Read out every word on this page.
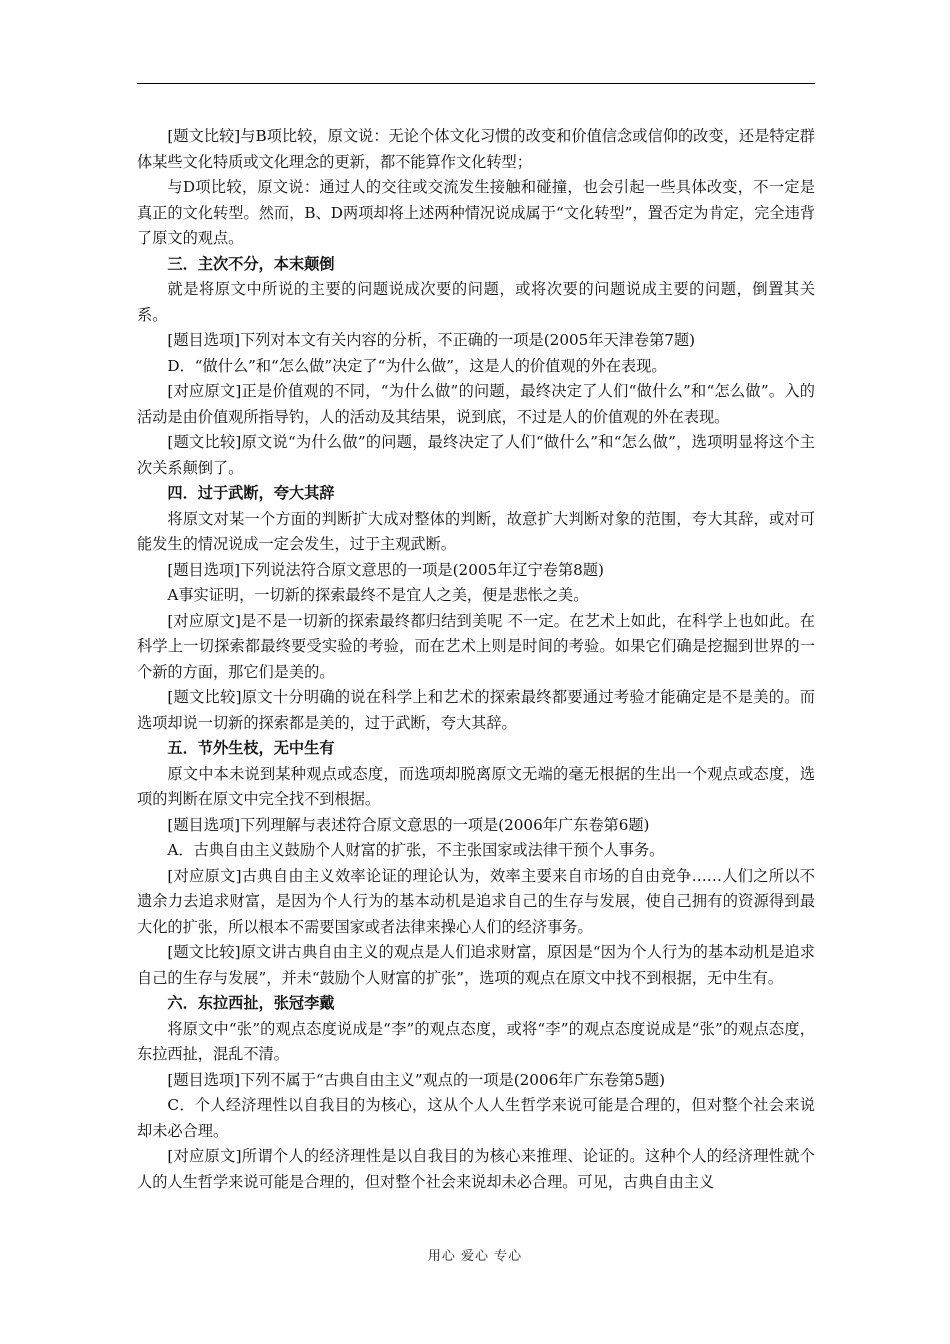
[题文比较]与B项比较，原文说：无论个体文化习惯的改变和价值信念或信仰的改变，还是特定群体某些文化特质或文化理念的更新，都不能算作文化转型；

与D项比较，原文说：通过人的交往或交流发生接触和碰撞，也会引起一些具体改变，不一定是真正的文化转型。然而，B、D两项却将上述两种情况说成属于“文化转型”，置否定为肯定，完全违背了原文的观点。

三．主次不分，本末颠倒

就是将原文中所说的主要的问题说成次要的问题，或将次要的问题说成主要的问题，倒置其关系。

[题目选项]下列对本文有关内容的分析，不正确的一项是(2005年天津卷第7题)

D．“做什么”和“怎么做”决定了“为什么做”，这是人的价值观的外在表现。

[对应原文]正是价值观的不同，“为什么做”的问题，最终决定了人们“做什么”和“怎么做”。入的活动是由价值观所指导钓，人的活动及其结果，说到底，不过是人的价值观的外在表现。

[题文比较]原文说“为什么做”的问题，最终决定了人们“做什么”和“怎么做”，选项明显将这个主次关系颠倒了。

四．过于武断，夸大其辞

将原文对某一个方面的判断扩大成对整体的判断，故意扩大判断对象的范围，夸大其辞，或对可能发生的情况说成一定会发生，过于主观武断。

[题目选项]下列说法符合原文意思的一项是(2005年辽宁卷第8题)

A事实证明，一切新的探索最终不是宜人之美，便是悲怅之美。

[对应原文]是不是一切新的探索最终都归结到美呢 不一定。在艺术上如此，在科学上也如此。在科学上一切探索都最终要受实验的考验，而在艺术上则是时间的考验。如果它们确是挖掘到世界的一个新的方面，那它们是美的。

[题文比较]原文十分明确的说在科学上和艺术的探索最终都要通过考验才能确定是不是美的。而选项却说一切新的探索都是美的，过于武断，夸大其辞。

五．节外生枝，无中生有

原文中本未说到某种观点或态度，而选项却脱离原文无端的毫无根据的生出一个观点或态度，选项的判断在原文中完全找不到根据。

[题目选项]下列理解与表述符合原文意思的一项是(2006年广东卷第6题)

A．古典自由主义鼓励个人财富的扩张，不主张国家或法律干预个人事务。

[对应原文]古典自由主义效率论证的理论认为，效率主要来自市场的自由竞争……人们之所以不遗余力去追求财富，是因为个人行为的基本动机是追求自己的生存与发展，使自己拥有的资源得到最大化的扩张，所以根本不需要国家或者法律来操心人们的经济事务。

[题文比较]原文讲古典自由主义的观点是人们追求财富，原因是“因为个人行为的基本动机是追求自己的生存与发展”，并未“鼓励个人财富的扩张”，选项的观点在原文中找不到根据，无中生有。

六．东拉西扯，张冠李戴

将原文中“张”的观点态度说成是“李”的观点态度，或将“李”的观点态度说成是“张”的观点态度，东拉西扯，混乱不清。

[题目选项]下列不属于“古典自由主义”观点的一项是(2006年广东卷第5题)

C．个人经济理性以自我目的为核心，这从个人人生哲学来说可能是合理的，但对整个社会来说却未必合理。

[对应原文]所谓个人的经济理性是以自我目的为核心来推理、论证的。这种个人的经济理性就个人的人生哲学来说可能是合理的，但对整个社会来说却未必合理。可见，古典自由主义

用心 爱心 专心
